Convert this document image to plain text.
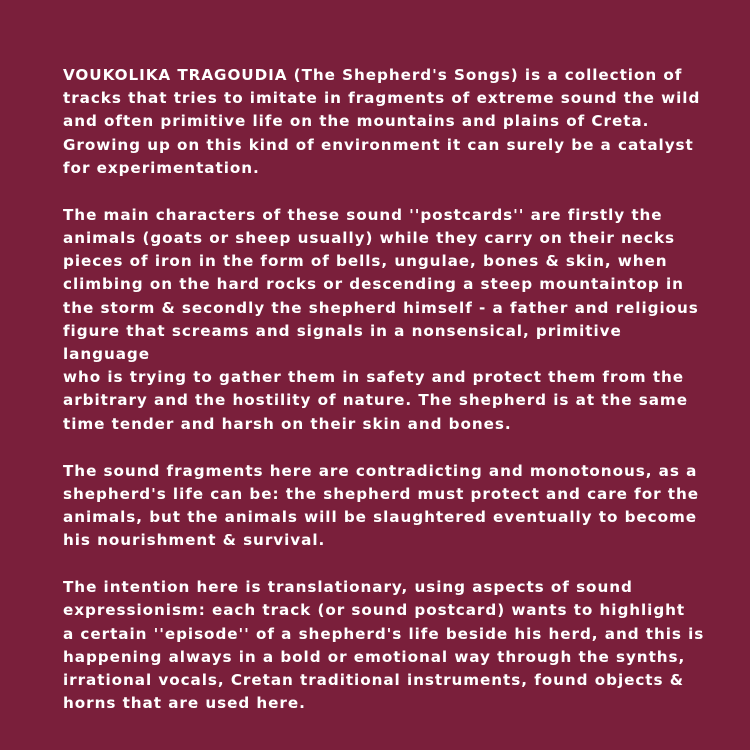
VOUKOLIKA TRAGOUDIA (The Shepherd's Songs) is a collection of
tracks that tries to imitate in fragments of extreme sound the wild
and often primitive life on the mountains and plains of Creta.
Growing up on this kind of environment it can surely be a catalyst
for experimentation.

The main characters of these sound ''postcards'' are firstly the
animals (goats or sheep usually) while they carry on their necks
pieces of iron in the form of bells, ungulae, bones & skin, when
climbing on the hard rocks or descending a steep mountaintop in
the storm & secondly the shepherd himself - a father and religious
figure that screams and signals in a nonsensical, primitive language
who is trying to gather them in safety and protect them from the
arbitrary and the hostility of nature. The shepherd is at the same
time tender and harsh on their skin and bones.

The sound fragments here are contradicting and monotonous, as a
shepherd's life can be: the shepherd must protect and care for the
animals, but the animals will be slaughtered eventually to become
his nourishment & survival.

The intention here is translationary, using aspects of sound
expressionism: each track (or sound postcard) wants to highlight
a certain ''episode'' of a shepherd's life beside his herd, and this is
happening always in a bold or emotional way through the synths,
irrational vocals, Cretan traditional instruments, found objects &
horns that are used here.
